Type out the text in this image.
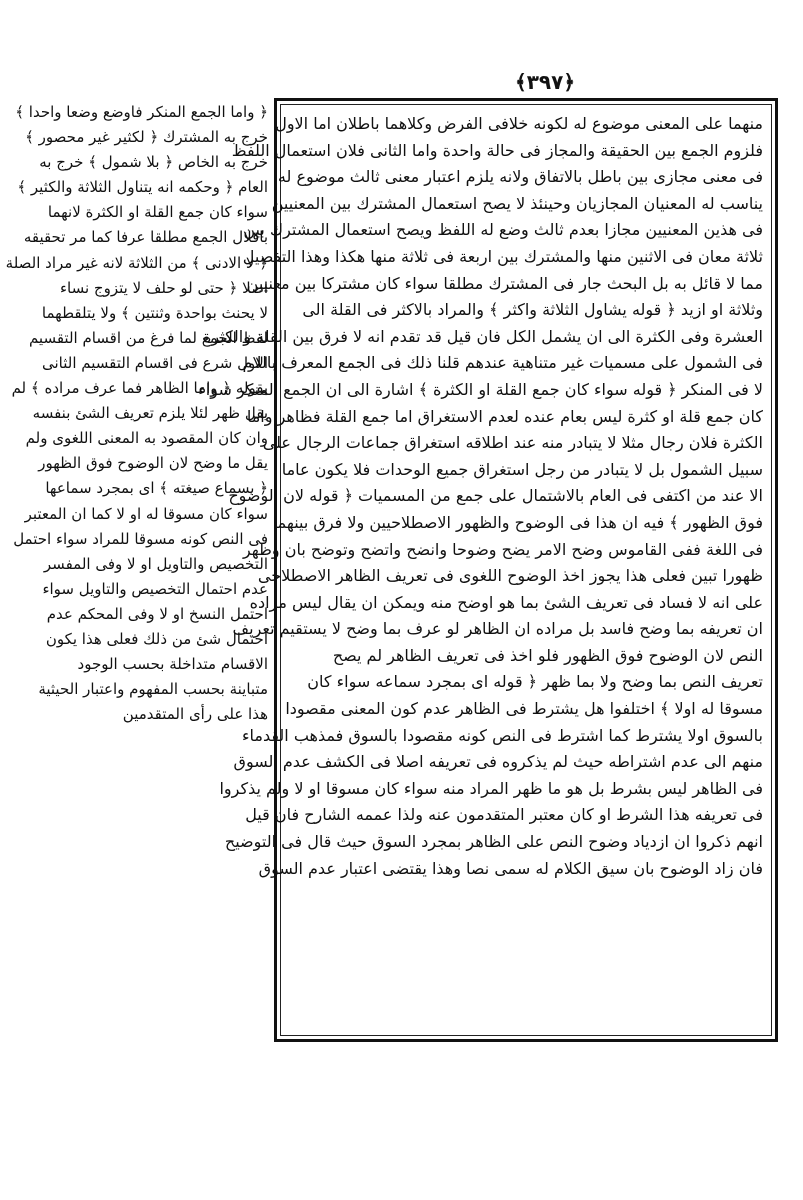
﴿٣٩٧﴾
منهما على المعنى موضوع له لكونه خلافى الفرض وكلاهما باطلان اما الاول
فلزوم الجمع بين الحقيقة والمجاز فى حالة واحدة واما الثانى فلان استعمال اللفظ
فى معنى مجازى بين باطل بالاتفاق ولانه يلزم اعتبار معنى ثالث موضوع له
يناسب له المعنيان المجازيان وحينئذ لا يصح استعمال المشترك بين المعنيين
فى هذين المعنيين مجازا بعدم ثالث وضع له اللفظ ويصح استعمال المشترك بين
ثلاثة معان فى الاثنين منها والمشترك بين اربعة فى ثلاثة منها هكذا وهذا التفصيل
مما لا قائل به بل البحث جار فى المشترك مطلقا سواء كان مشتركا بين معنيين
وثلاثة او ازيد ﴿ قوله يشاول الثلاثة واكثر ﴾ والمراد بالاكثر فى القلة الى
العشرة وفى الكثرة الى ان يشمل الكل فان قيل قد تقدم انه لا فرق بين القلة والكثرة
فى الشمول على مسميات غير متناهية عندهم قلنا ذلك فى الجمع المعرف باللام
لا فى المنكر ﴿ قوله سواء كان جمع القلة او الكثرة ﴾ اشارة الى ان الجمع المنكر سواء
كان جمع قلة او كثرة ليس بعام عنده لعدم الاستغراق اما جمع القلة فظاهر واما
الكثرة فلان رجال مثلا لا يتبادر منه عند اطلاقه استغراق جماعات الرجال على
سبيل الشمول بل لا يتبادر من رجل استغراق جميع الوحدات فلا يكون عاما
الا عند من اكتفى فى العام بالاشتمال على جمع من المسميات ﴿ قوله لان الوضوح
فوق الظهور ﴾ فيه ان هذا فى الوضوح والظهور الاصطلاحيين ولا فرق بينهما
فى اللغة ففى القاموس وضح الامر يضح وضوحا وانضح واتضح وتوضح بان وظهر
ظهورا تبين فعلى هذا يجوز اخذ الوضوح اللغوى فى تعريف الظاهر الاصطلاحى
على انه لا فساد فى تعريف الشئ بما هو اوضح منه ويمكن ان يقال ليس مراده
ان تعريفه بما وضح فاسد بل مراده ان الظاهر لو عرف بما وضح لا يستقيم تعريف
النص لان الوضوح فوق الظهور فلو اخذ فى تعريف الظاهر لم يصح
تعريف النص بما وضح ولا بما ظهر ﴿ قوله اى بمجرد سماعه سواء كان
مسوقا له اولا ﴾ اختلفوا هل يشترط فى الظاهر عدم كون المعنى مقصودا
بالسوق اولا يشترط كما اشترط فى النص كونه مقصودا بالسوق فمذهب القدماء
منهم الى عدم اشتراطه حيث لم يذكروه فى تعريفه اصلا فى الكشف عدم السوق
فى الظاهر ليس بشرط بل هو ما ظهر المراد منه سواء كان مسوقا او لا ولم يذكروا
فى تعريفه هذا الشرط او كان معتبر المتقدمون عنه ولذا عممه الشارح فان قيل
انهم ذكروا ان ازدياد وضوح النص على الظاهر بمجرد السوق حيث قال فى التوضيح
فان زاد الوضوح بان سيق الكلام له سمى نصا وهذا يقتضى اعتبار عدم السوق
﴿ واما الجمع المنكر فاوضع وضعا واحدا ﴾
خرج به المشترك ﴿ لكثير غير محصور ﴾
خرج به الخاص ﴿ بلا شمول ﴾ خرج به
العام ﴿ وحكمه انه يتناول الثلاثة والكثير ﴾
سواء كان جمع القلة او الكثرة لانهما
باقلال الجمع مطلقا عرفا كما مر تحقيقه
﴿ لا الادنى ﴾ من الثلاثة لانه غير مراد الصلة
اصلا ﴿ حتى لو حلف لا يتزوج نساء
لا يحنث بواحدة وثنتين ﴾ ولا يتلقطهما
لفظ الجمع لما فرغ من اقسام التقسيم
الاول شرع فى اقسام التقسيم الثانى
بقوله ﴿ واما الظاهر فما عرف مراده ﴾ لم
يقل ظهر لئلا يلزم تعريف الشئ بنفسه
وان كان المقصود به المعنى اللغوى ولم
يقل ما وضح لان الوضوح فوق الظهور
﴿ بسماع صيغته ﴾ اى بمجرد سماعها
سواء كان مسوقا له او لا كما ان المعتبر
فى النص كونه مسوقا للمراد سواء احتمل
التخصيص والتاويل او لا وفى المفسر
عدم احتمال التخصيص والتاويل سواء
احتمل النسخ او لا وفى المحكم عدم
احتمال شئ من ذلك فعلى هذا يكون
الاقسام متداخلة بحسب الوجود
متباينة بحسب المفهوم واعتبار الحيثية
هذا على رأى المتقدمين
